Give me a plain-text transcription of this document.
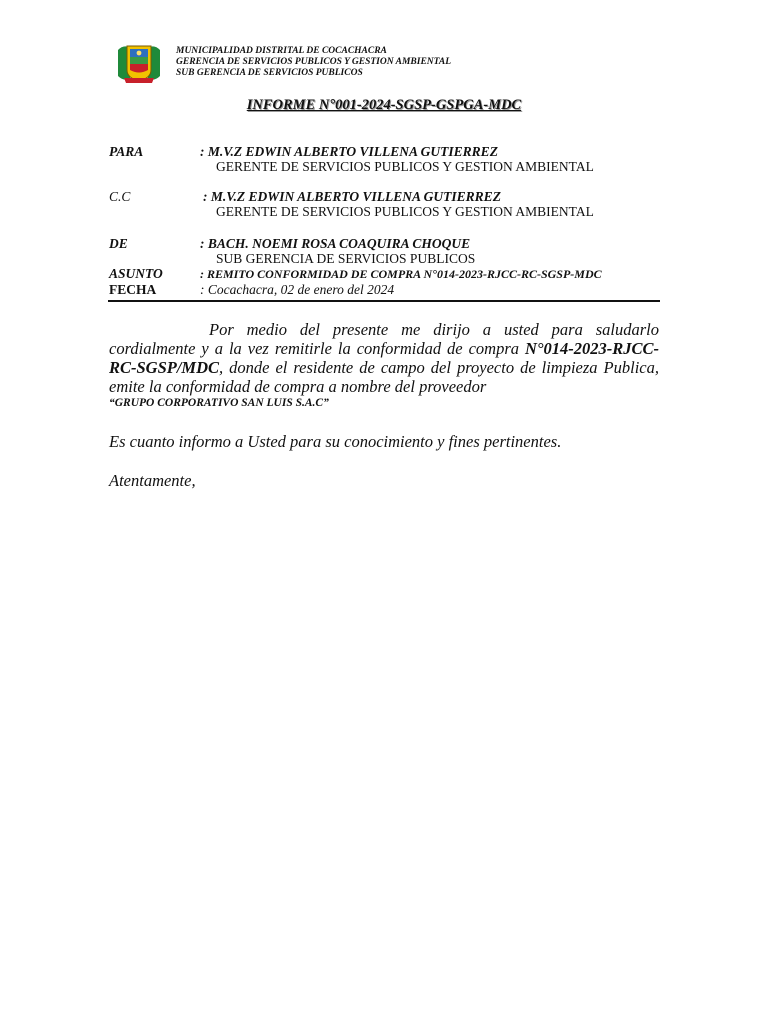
MUNICIPALIDAD DISTRITAL DE COCACHACRA
GERENCIA DE SERVICIOS PUBLICOS Y GESTION AMBIENTAL
SUB GERENCIA DE SERVICIOS PUBLICOS
INFORME N°001-2024-SGSP-GSPGA-MDC
PARA	: M.V.Z EDWIN ALBERTO VILLENA GUTIERREZ
GERENTE DE SERVICIOS PUBLICOS Y GESTION AMBIENTAL
C.C	: M.V.Z EDWIN ALBERTO VILLENA GUTIERREZ
GERENTE DE SERVICIOS PUBLICOS Y GESTION AMBIENTAL
DE	: BACH. NOEMI ROSA COAQUIRA CHOQUE
SUB GERENCIA DE SERVICIOS PUBLICOS
ASUNTO	: REMITO CONFORMIDAD DE COMPRA N°014-2023-RJCC-RC-SGSP-MDC
FECHA	: Cocachacra, 02 de enero del 2024
Por medio del presente me dirijo a usted para saludarlo cordialmente y a la vez remitirle la conformidad de compra N°014-2023-RJCC-RC-SGSP/MDC, donde el residente de campo del proyecto de limpieza Publica, emite la conformidad de compra a nombre del proveedor
“GRUPO CORPORATIVO SAN LUIS S.A.C”
Es cuanto informo a Usted para su conocimiento y fines pertinentes.
Atentamente,
